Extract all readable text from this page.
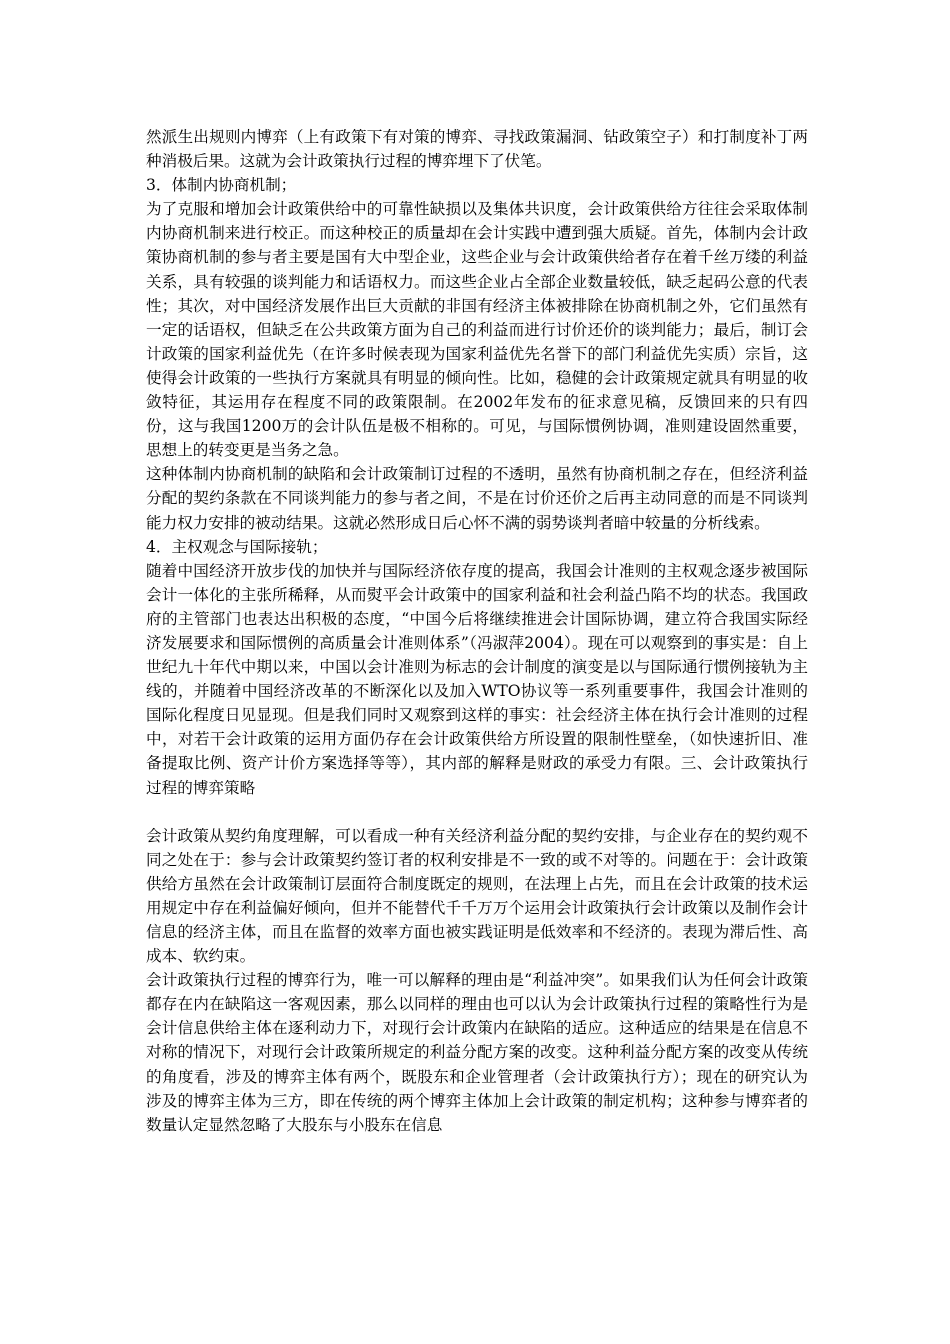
然派生出规则内博弈（上有政策下有对策的博弈、寻找政策漏洞、钻政策空子）和打制度补丁两种消极后果。这就为会计政策执行过程的博弈埋下了伏笔。

3．体制内协商机制；

为了克服和增加会计政策供给中的可靠性缺损以及集体共识度，会计政策供给方往往会采取体制内协商机制来进行校正。而这种校正的质量却在会计实践中遭到强大质疑。首先，体制内会计政策协商机制的参与者主要是国有大中型企业，这些企业与会计政策供给者存在着千丝万缕的利益关系，具有较强的谈判能力和话语权力。而这些企业占全部企业数量较低，缺乏起码公意的代表性；其次，对中国经济发展作出巨大贡献的非国有经济主体被排除在协商机制之外，它们虽然有一定的话语权，但缺乏在公共政策方面为自己的利益而进行讨价还价的谈判能力；最后，制订会计政策的国家利益优先（在许多时候表现为国家利益优先名誉下的部门利益优先实质）宗旨，这使得会计政策的一些执行方案就具有明显的倾向性。比如，稳健的会计政策规定就具有明显的收敛特征，其运用存在程度不同的政策限制。在2002年发布的征求意见稿，反馈回来的只有四份，这与我国1200万的会计队伍是极不相称的。可见，与国际惯例协调，准则建设固然重要，思想上的转变更是当务之急。

这种体制内协商机制的缺陷和会计政策制订过程的不透明，虽然有协商机制之存在，但经济利益分配的契约条款在不同谈判能力的参与者之间，不是在讨价还价之后再主动同意的而是不同谈判能力权力安排的被动结果。这就必然形成日后心怀不满的弱势谈判者暗中较量的分析线索。

4．主权观念与国际接轨；

随着中国经济开放步伐的加快并与国际经济依存度的提高，我国会计准则的主权观念逐步被国际会计一体化的主张所稀释，从而熨平会计政策中的国家利益和社会利益凸陷不均的状态。我国政府的主管部门也表达出积极的态度，“中国今后将继续推进会计国际协调，建立符合我国实际经济发展要求和国际惯例的高质量会计准则体系”（冯淑萍2004）。现在可以观察到的事实是：自上世纪九十年代中期以来，中国以会计准则为标志的会计制度的演变是以与国际通行惯例接轨为主线的，并随着中国经济改革的不断深化以及加入WTO协议等一系列重要事件，我国会计准则的国际化程度日见显现。但是我们同时又观察到这样的事实：社会经济主体在执行会计准则的过程中，对若干会计政策的运用方面仍存在会计政策供给方所设置的限制性壁垒，（如快速折旧、准备提取比例、资产计价方案选择等等），其内部的解释是财政的承受力有限。三、会计政策执行过程的博弈策略

会计政策从契约角度理解，可以看成一种有关经济利益分配的契约安排，与企业存在的契约观不同之处在于：参与会计政策契约签订者的权利安排是不一致的或不对等的。问题在于：会计政策供给方虽然在会计政策制订层面符合制度既定的规则，在法理上占先，而且在会计政策的技术运用规定中存在利益偏好倾向，但并不能替代千千万万个运用会计政策执行会计政策以及制作会计信息的经济主体，而且在监督的效率方面也被实践证明是低效率和不经济的。表现为滞后性、高成本、软约束。

会计政策执行过程的博弈行为，唯一可以解释的理由是“利益冲突”。如果我们认为任何会计政策都存在内在缺陷这一客观因素，那么以同样的理由也可以认为会计政策执行过程的策略性行为是会计信息供给主体在逐利动力下，对现行会计政策内在缺陷的适应。这种适应的结果是在信息不对称的情况下，对现行会计政策所规定的利益分配方案的改变。这种利益分配方案的改变从传统的角度看，涉及的博弈主体有两个，既股东和企业管理者（会计政策执行方）；现在的研究认为涉及的博弈主体为三方，即在传统的两个博弈主体加上会计政策的制定机构；这种参与博弈者的数量认定显然忽略了大股东与小股东在信息
